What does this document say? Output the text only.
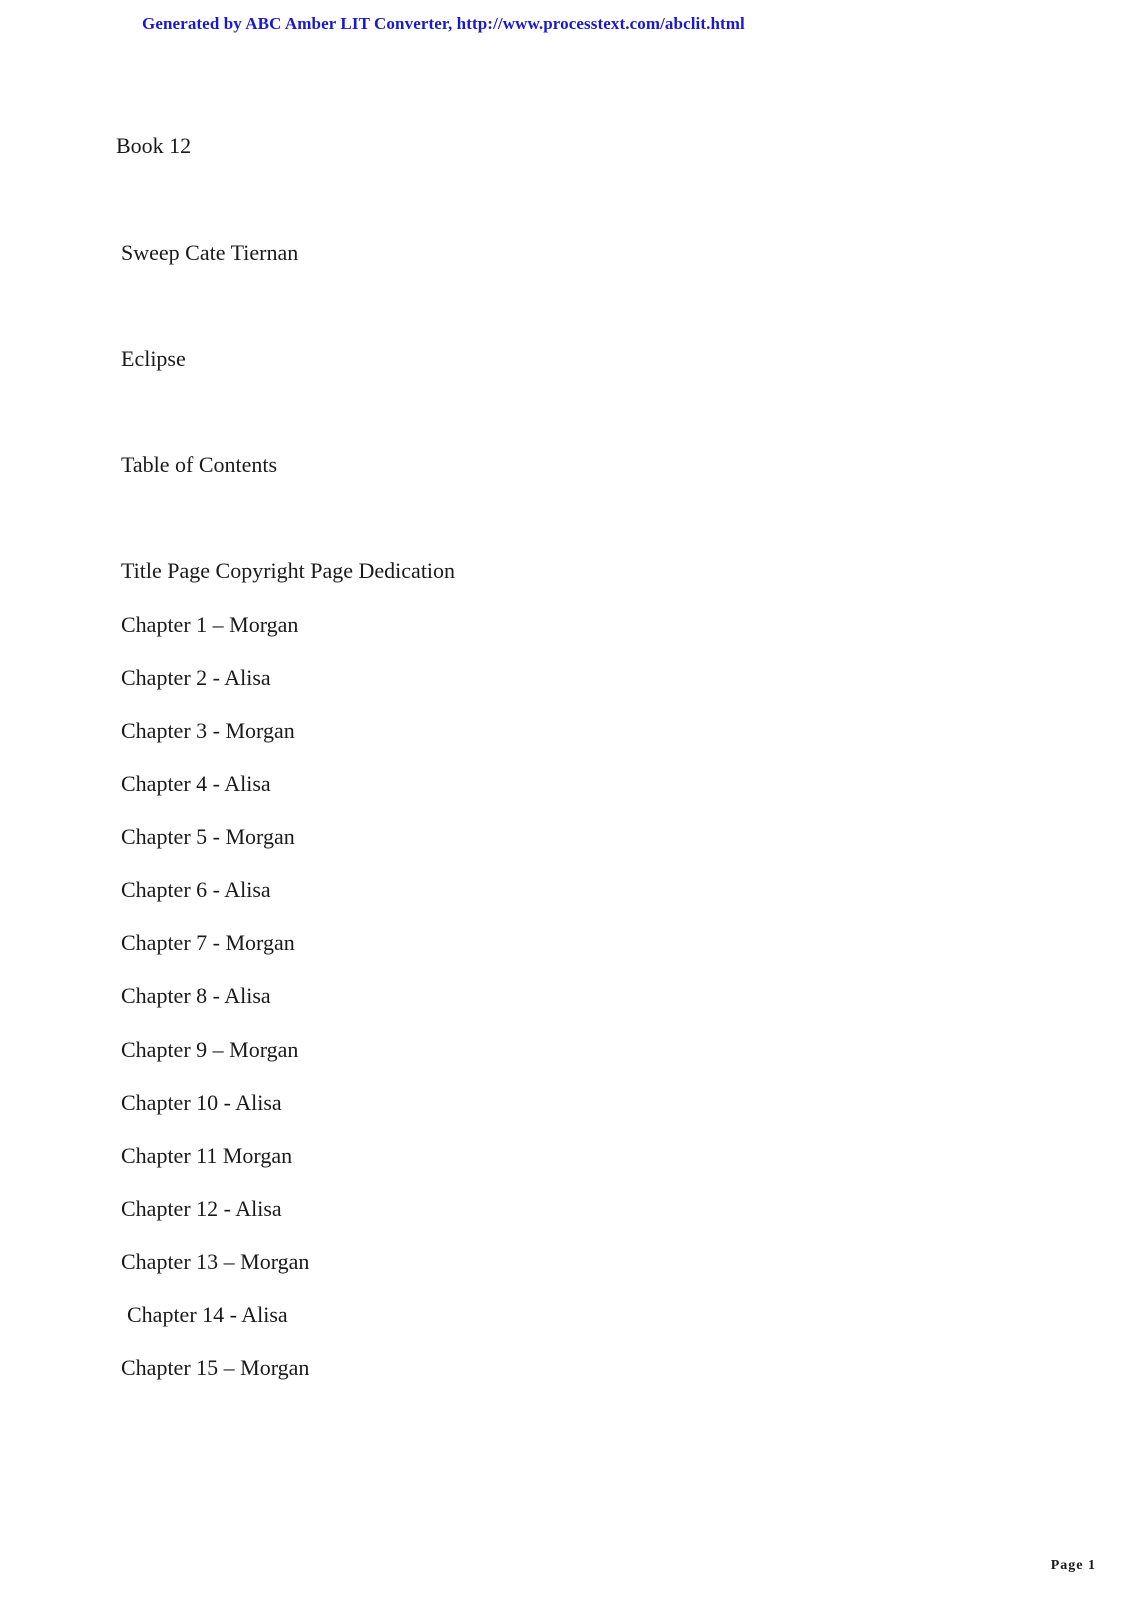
Generated by ABC Amber LIT Converter, http://www.processtext.com/abclit.html
Book 12
Sweep Cate Tiernan
Eclipse
Table of Contents
Title Page Copyright Page Dedication
Chapter 1 – Morgan
Chapter 2 - Alisa
Chapter 3 - Morgan
Chapter 4 - Alisa
Chapter 5 - Morgan
Chapter 6 - Alisa
Chapter 7 - Morgan
Chapter 8 - Alisa
Chapter 9 – Morgan
Chapter 10 - Alisa
Chapter 11 Morgan
Chapter 12 - Alisa
Chapter 13 – Morgan
Chapter 14 - Alisa
Chapter 15 – Morgan
Page 1
